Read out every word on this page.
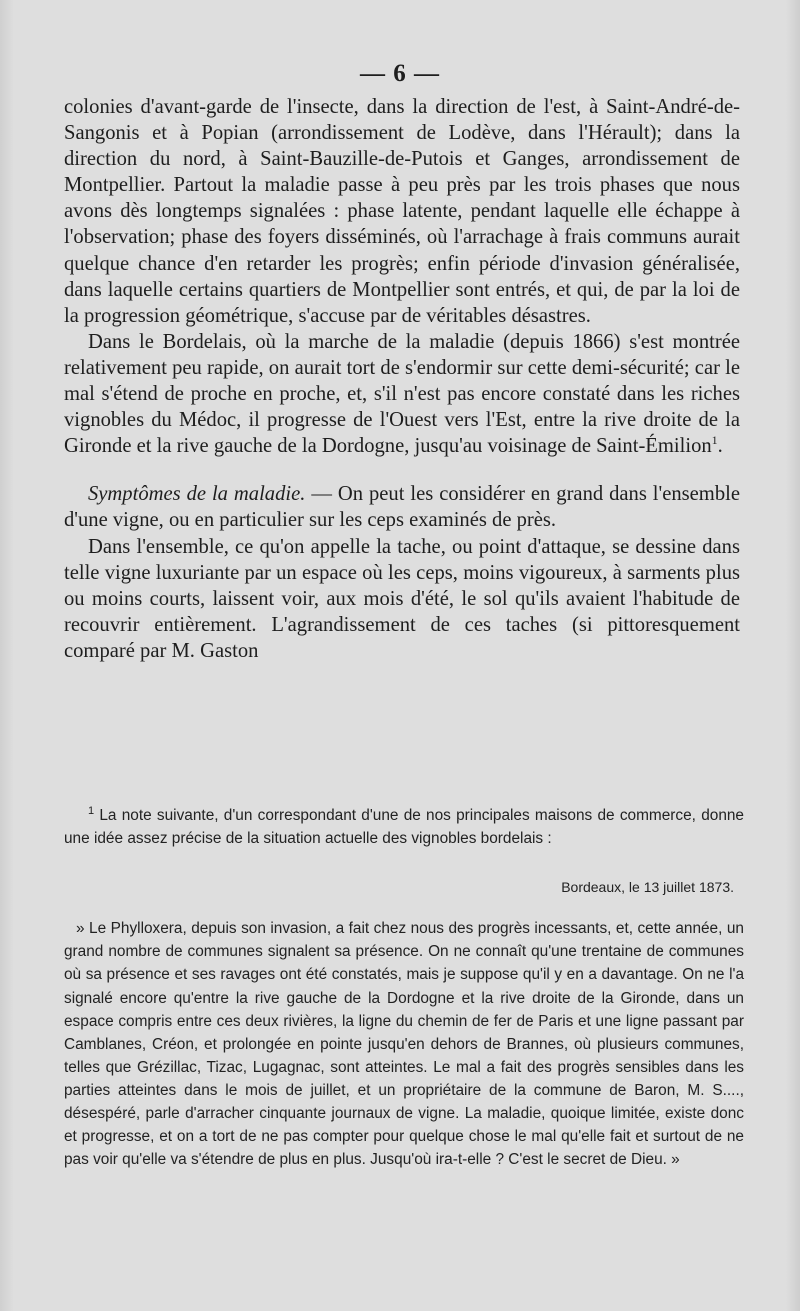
— 6 —

colonies d'avant-garde de l'insecte, dans la direction de l'est, à Saint-André-de-Sangonis et à Popian (arrondissement de Lodève, dans l'Hérault); dans la direction du nord, à Saint-Bauzille-de-Putois et Ganges, arrondissement de Montpellier. Partout la maladie passe à peu près par les trois phases que nous avons dès longtemps signalées : phase latente, pendant laquelle elle échappe à l'observation; phase des foyers disséminés, où l'arrachage à frais communs aurait quelque chance d'en retarder les progrès; enfin période d'invasion généralisée, dans laquelle certains quartiers de Montpellier sont entrés, et qui, de par la loi de la progression géométrique, s'accuse par de véritables désastres.

Dans le Bordelais, où la marche de la maladie (depuis 1866) s'est montrée relativement peu rapide, on aurait tort de s'endormir sur cette demi-sécurité; car le mal s'étend de proche en proche, et, s'il n'est pas encore constaté dans les riches vignobles du Médoc, il progresse de l'Ouest vers l'Est, entre la rive droite de la Gironde et la rive gauche de la Dordogne, jusqu'au voisinage de Saint-Émilion$^1$.

Symptômes de la maladie. — On peut les considérer en grand dans l'ensemble d'une vigne, ou en particulier sur les ceps examinés de près.

Dans l'ensemble, ce qu'on appelle la tache, ou point d'attaque, se dessine dans telle vigne luxuriante par un espace où les ceps, moins vigoureux, à sarments plus ou moins courts, laissent voir, aux mois d'été, le sol qu'ils avaient l'habitude de recouvrir entièrement. L'agrandissement de ces taches (si pittoresquement comparé par M. Gaston

$^1$ La note suivante, d'un correspondant d'une de nos principales maisons de commerce, donne une idée assez précise de la situation actuelle des vignobles bordelais :

Bordeaux, le 13 juillet 1873.

» Le Phylloxera, depuis son invasion, a fait chez nous des progrès incessants, et, cette année, un grand nombre de communes signalent sa présence. On ne connaît qu'une trentaine de communes où sa présence et ses ravages ont été constatés, mais je suppose qu'il y en a davantage. On ne l'a signalé encore qu'entre la rive gauche de la Dordogne et la rive droite de la Gironde, dans un espace compris entre ces deux rivières, la ligne du chemin de fer de Paris et une ligne passant par Camblanes, Créon, et prolongée en pointe jusqu'en dehors de Brannes, où plusieurs communes, telles que Grézillac, Tizac, Lugagnac, sont atteintes. Le mal a fait des progrès sensibles dans les parties atteintes dans le mois de juillet, et un propriétaire de la commune de Baron, M. S...., désespéré, parle d'arracher cinquante journaux de vigne. La maladie, quoique limitée, existe donc et progresse, et on a tort de ne pas compter pour quelque chose le mal qu'elle fait et surtout de ne pas voir qu'elle va s'étendre de plus en plus. Jusqu'où ira-t-elle ? C'est le secret de Dieu. »
